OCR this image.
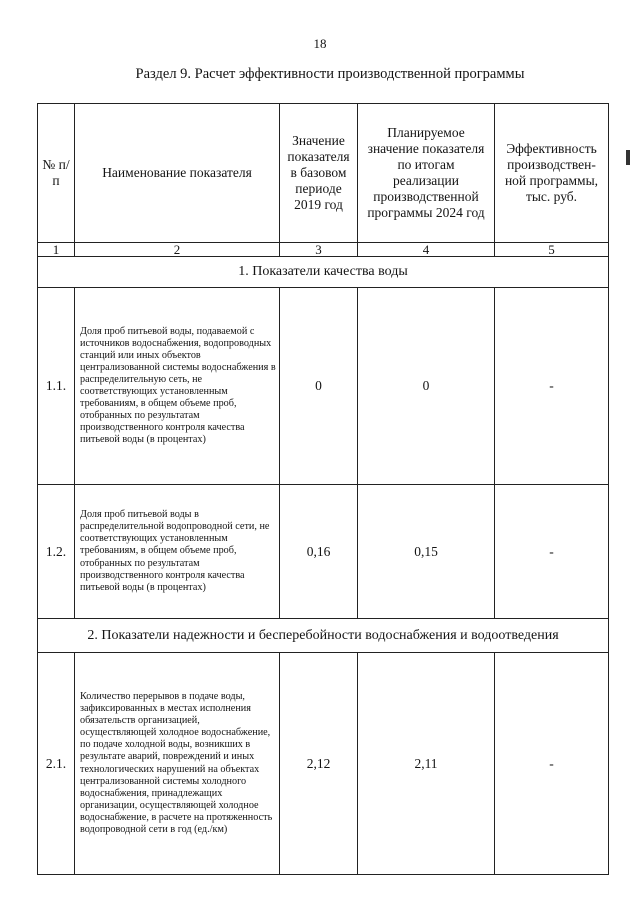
18
Раздел 9. Расчет эффективности производственной программы
№ п/п	Наименование показателя	Значение показателя в базовом периоде 2019 год	Планируемое значение показателя по итогам реализации производственной программы 2024 год	Эффективность производствен-ной программы, тыс. руб.
1	2	3	4	5
1. Показатели качества воды				
1.1.	Доля проб питьевой воды, подаваемой с источников водоснабжения, водопроводных станций или иных объектов централизованной системы водоснабжения в распределительную сеть, не соответствующих установленным требованиям, в общем объеме проб, отобранных по результатам производственного контроля качества питьевой воды (в процентах)	0	0	-
1.2.	Доля проб питьевой воды в распределительной водопроводной сети, не соответствующих установленным требованиям, в общем объеме проб, отобранных по результатам производственного контроля качества питьевой воды (в процентах)	0,16	0,15	-
2. Показатели надежности и бесперебойности водоснабжения и водоотведения				
2.1.	Количество перерывов в подаче воды, зафиксированных в местах исполнения обязательств организацией, осуществляющей холодное водоснабжение, по подаче холодной воды, возникших в результате аварий, повреждений и иных технологических нарушений на объектах централизованной системы холодного водоснабжения, принадлежащих организации, осуществляющей холодное водоснабжение, в расчете на протяженность водопроводной сети в год (ед./км)	2,12	2,11	-
